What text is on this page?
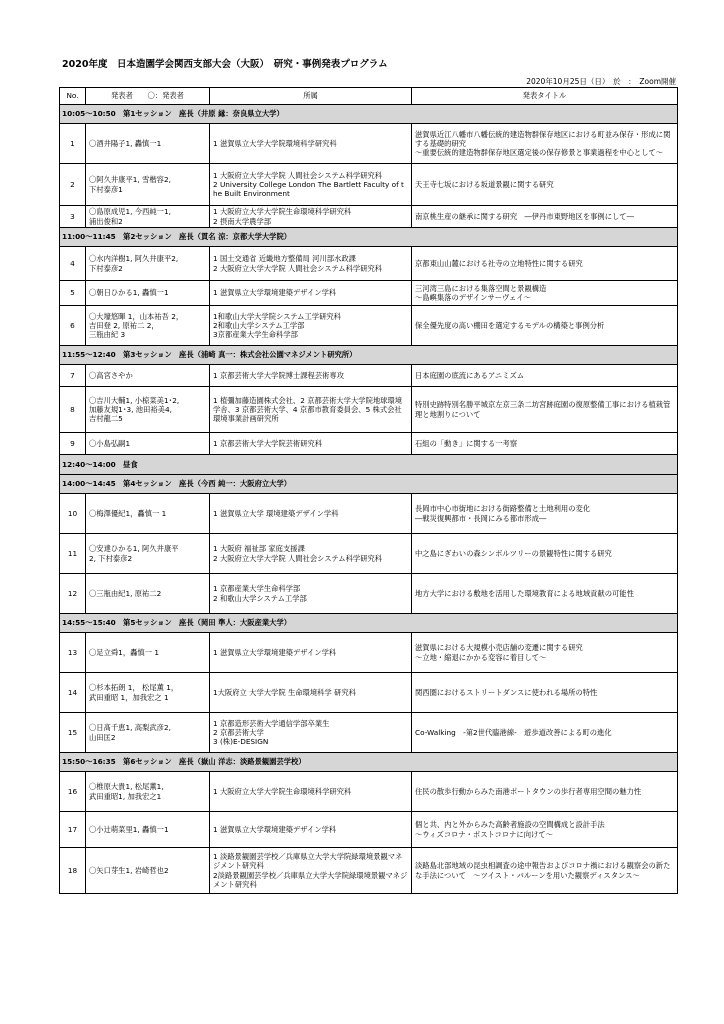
2020年度　日本造園学会関西支部大会（大阪）　研究・事例発表プログラム
2020年10月25日（日）　於　：　Zoom開催
No.	発表者　　〇：発表者	所属	発表タイトル
10:05～10:50　第1セッション　座長（井原 縁：奈良県立大学）			
1	〇酒井陽子1, 轟慎一1	1 滋賀県立大学大学院環境科学研究科	滋賀県近江八幡市八幡伝統的建造物群保存地区における町並み保存・形成に関する基礎的研究
～重要伝統的建造物群保存地区選定後の保存修景と事業過程を中心として～
2	〇阿久井康平1, 雪楷容2,
下村泰彦1	1 大阪府立大学大学院 人間社会システム科学研究科
2 University College London The Bartlett Faculty of the Built Environment	天王寺七坂における坂道景観に関する研究
3	〇島原成児1, 今西純一1,
浦出俊和2	1 大阪府立大学大学院生命環境科学研究科
2 摂南大学農学部	南京桃生産の継承に関する研究　―伊丹市東野地区を事例にして―
11:00～11:45　第2セッション　座長（貫名 涼：京都大学大学院）			
4	〇水内洋樹1, 阿久井康平2,
下村泰彦2	1 国土交通省 近畿地方整備局 河川部水政課
2 大阪府立大学大学院 人間社会システム科学研究科	京都東山山麓における社寺の立地特性に関する研究
5	〇朝日ひかる1, 轟慎一1	1 滋賀県立大学環境建築デザイン学科	三河湾三島における集落空間と景観構造
～島嶼集落のデザインサーヴェイ～
6	〇大壕悠暉 1，山本祐吾 2，
吉田登 2, 原祐二 2，
三瓶由紀 3	1和歌山大学大学院システム工学研究科
2和歌山大学システム工学部
3京都産業大学生命科学部	保全優先度の高い棚田を選定するモデルの構築と事例分析
11:55～12:40　第3セッション　座長（浦崎 真一：株式会社公園マネジメント研究所）			
7	〇高宮さやか	1 京都芸術大学大学院博士課程芸術専攻	日本庭園の底流にあるアニミズム
8	〇吉川大輔1, 小椋菜美1･2,
加藤友規1･3, 池田裕美4,
吉村龍二5	1 植彌加藤造園株式会社、2 京都芸術大学大学院地球環境学舎、3 京都芸術大学、4 京都市教育委員会、5 株式会社環境事業計画研究所	特別史跡特別名勝平城京左京三条二坊宮跡庭園の復原整備工事における植栽管理と地割りについて
9	〇小島弘嗣1	1 京都芸術大学大学院芸術研究科	石組の「動き」に関する一考察
12:40～14:00　昼食			
14:00～14:45　第4セッション　座長（今西 純一：大阪府立大学）			
10	〇梅澤優紀1，轟慎一 1	1 滋賀県立大学 環境建築デザイン学科	長岡市中心市街地における街路整備と土地利用の変化
―戦災復興都市・長岡にみる都市形成―
11	〇安達ひかる1, 阿久井康平
2, 下村泰彦2	1 大阪府 福祉部 家庭支援課
2 大阪府立大学大学院 人間社会システム科学研究科	中之島にぎわいの森シンボルツリーの景観特性に関する研究
12	〇三瓶由紀1, 原祐二2	1 京都産業大学生命科学部
2 和歌山大学システム工学部	地方大学における敷地を活用した環境教育による地域貢献の可能性
14:55～15:40　第5セッション　座長（岡田 準人：大阪産業大学）			
13	〇足立舜1，轟慎一 1	1 滋賀県立大学環境建築デザイン学科	滋賀県における大規模小売店舗の変遷に関する研究
～立地・縮退にかかる変容に着目して～
14	〇杉本拓朗 1， 松尾薫 1，
武田重昭 1，加我宏之 1	1大阪府立 大学大学院 生命環境科学 研究科	関西圏におけるストリートダンスに使われる場所の特性
15	〇日髙千恵1, 高梨武彦2,
山田匡2	1 京都造形芸術大学通信学部卒業生
2 京都芸術大学
3 (株)E-DESIGN	Co-Walking　-第2世代臨港線-　遊歩道改善による町の進化
15:50～16:35　第6セッション　座長（嶽山 洋志：淡路景観園芸学校）			
16	〇椎原大貴1, 松尾薫1,
武田重昭1, 加我宏之1	1 大阪府立大学大学院生命環境科学研究科	住民の散歩行動からみた南港ポートタウンの歩行者専用空間の魅力性
17	〇小辻萌菜里1, 轟慎一1	1 滋賀県立大学環境建築デザイン学科	個と共、内と外からみた高齢者施設の空間構成と設計手法
～ウィズコロナ・ポストコロナに向けて～
18	〇矢口芽生1, 岩崎哲也2	1 淡路景観園芸学校／兵庫県立大学大学院緑環境景観マネジメント研究科
2淡路景観園芸学校／兵庫県立大学大学院緑環境景観マネジメント研究科	淡路島北部地域の昆虫相調査の途中報告およびコロナ禍における観察会の新たな手法について　～ツイスト・バルーンを用いた観察ディスタンス～
